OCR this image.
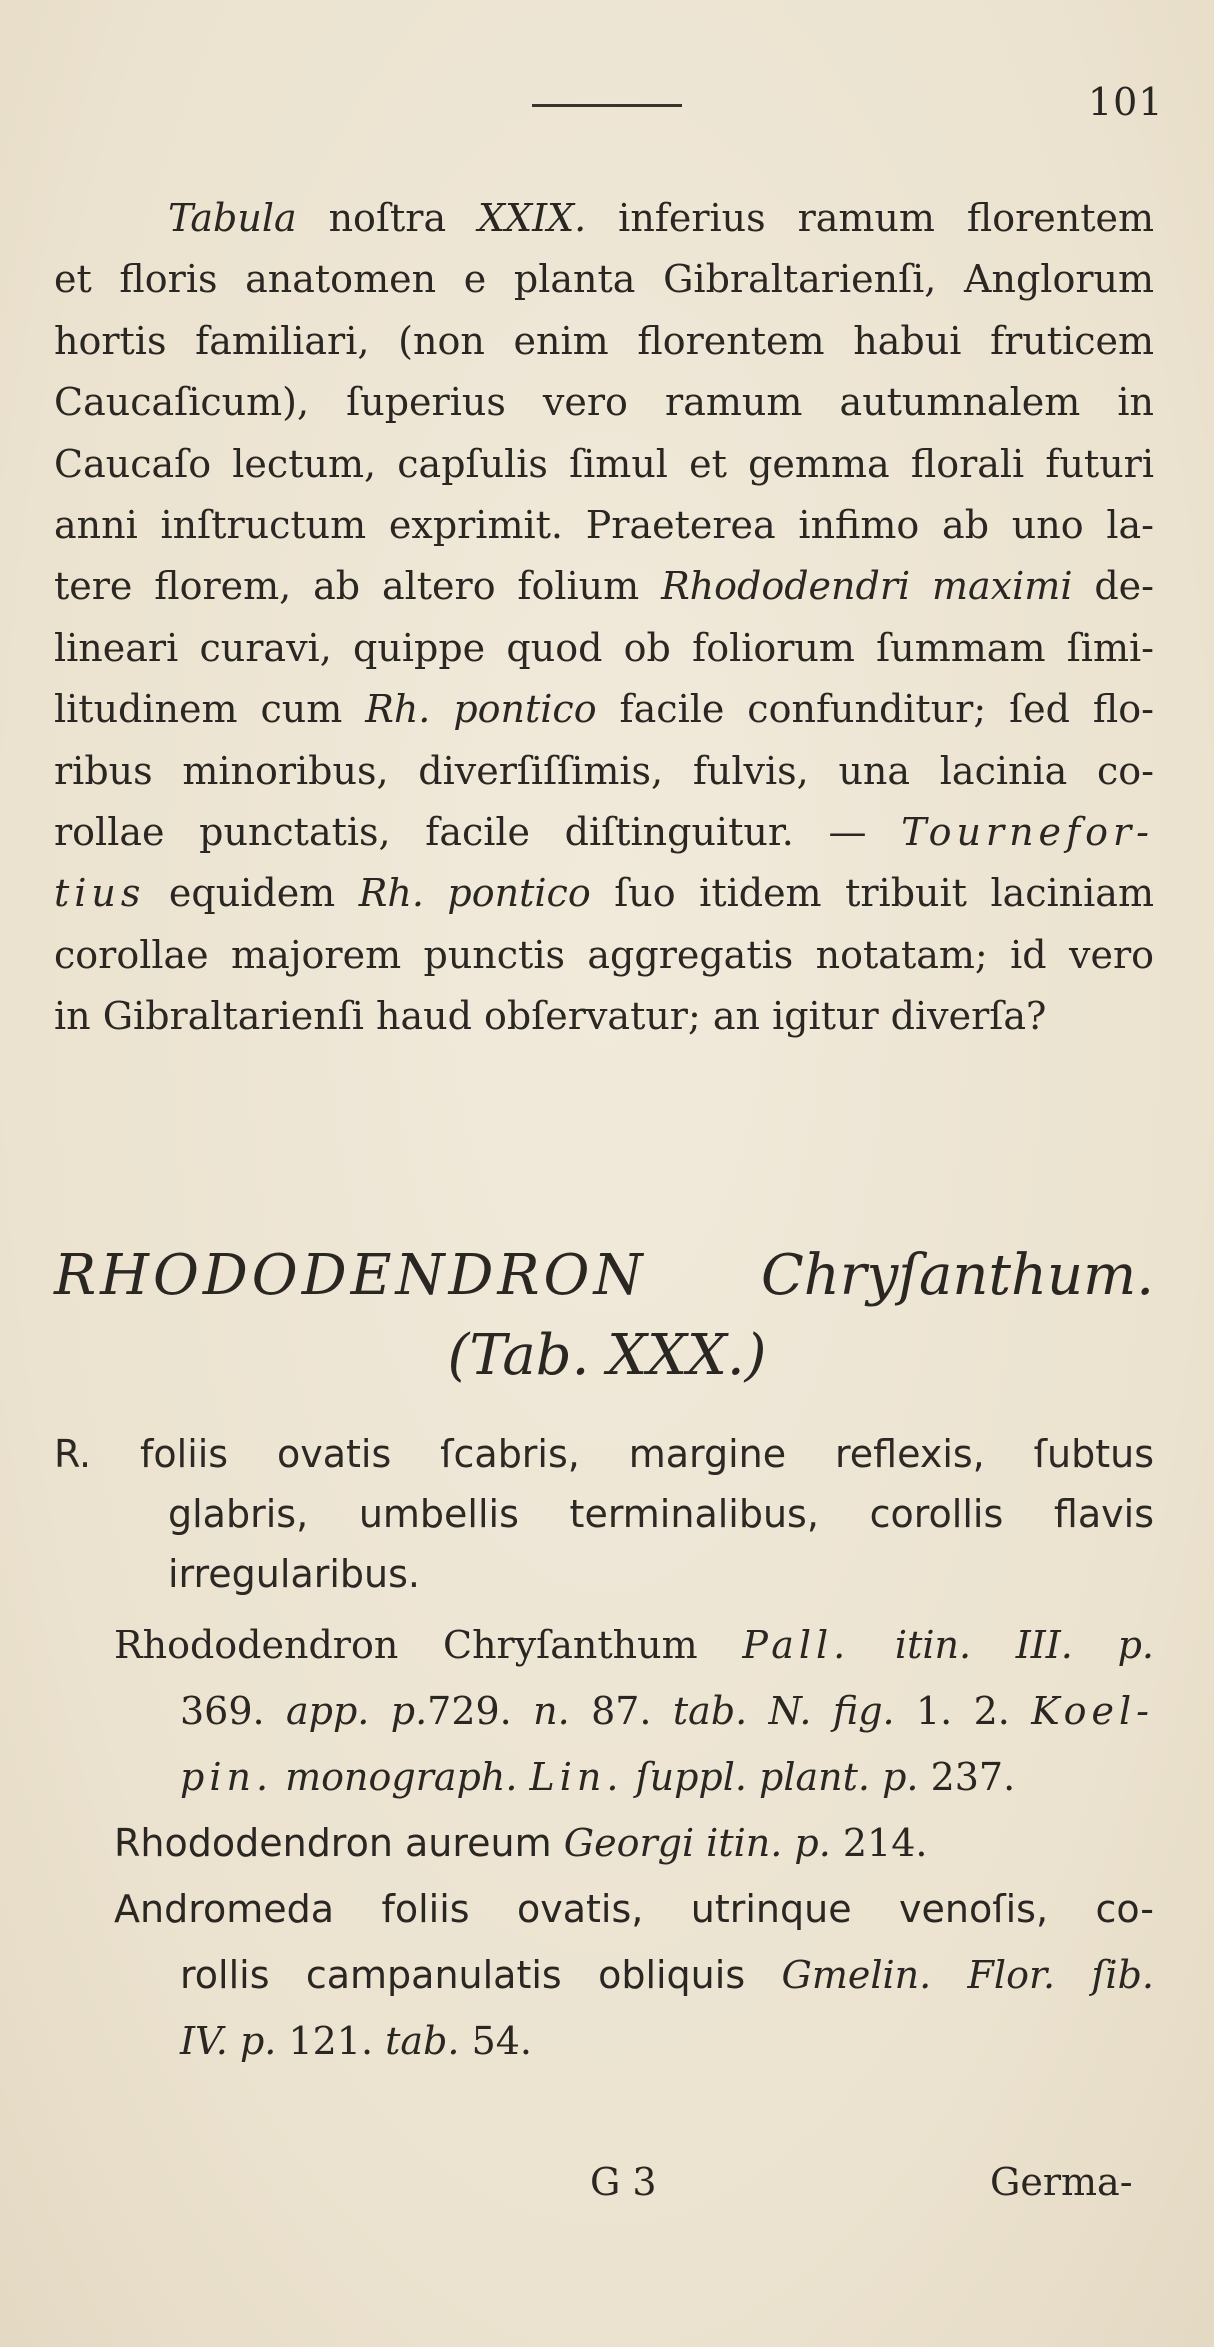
101
Tabula noſtra XXIX. inferius ramum florentem
et floris anatomen e planta Gibraltarienſi, Anglorum
hortis familiari, (non enim florentem habui fruticem
Caucaſicum), ſuperius vero ramum autumnalem in
Caucaſo lectum, capſulis ſimul et gemma florali futuri
anni inſtructum exprimit. Praeterea infimo ab uno la-
tere florem, ab altero folium Rhododendri maximi de-
lineari curavi, quippe quod ob foliorum ſummam ſimi-
litudinem cum Rh. pontico facile confunditur; ſed flo-
ribus minoribus, diverſiſſimis, fulvis, una lacinia co-
rollae punctatis, facile diſtinguitur. — Tournefor-
tius equidem Rh. pontico ſuo itidem tribuit laciniam
corollae majorem punctis aggregatis notatam; id vero
in Gibraltarienſi haud obſervatur; an igitur diverſa?
RHODODENDRON Chryſanthum.
(Tab. XXX.)
R. foliis ovatis ſcabris, margine reflexis, ſubtus
glabris, umbellis terminalibus, corollis flavis
irregularibus.
Rhododendron Chryſanthum Pall. itin. III. p.
369. app. p.729. n. 87. tab. N. fig. 1. 2. Koel-
pin. monograph. Lin. ſuppl. plant. p. 237.
Rhododendron aureum Georgi itin. p. 214.
Andromeda foliis ovatis, utrinque venoſis, co-
rollis campanulatis obliquis Gmelin. Flor. ſib.
IV. p. 121. tab. 54.
G 3	Germa-
